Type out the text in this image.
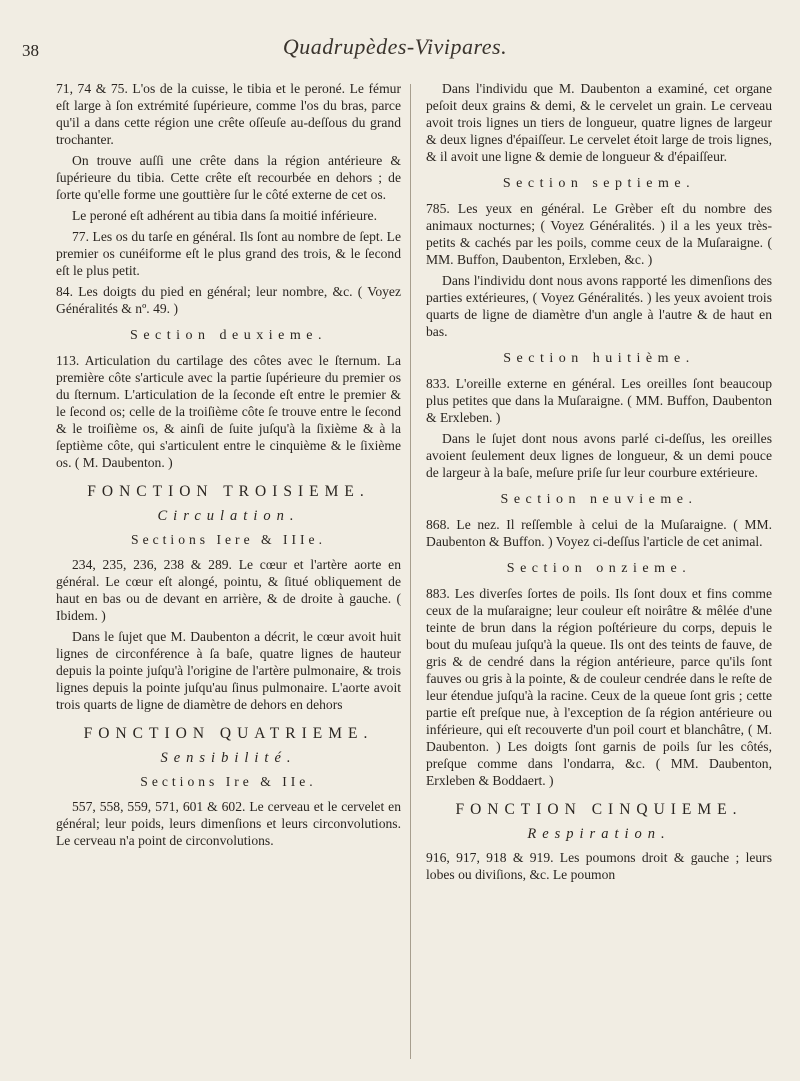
38	Quadrupèdes-Vivipares.

71, 74 & 75. L'os de la cuisse, le tibia et le peroné. Le fémur eſt large à ſon extrémité ſupérieure, comme l'os du bras, parce qu'il a dans cette région une crête oſſeuſe au-deſſous du grand trochanter.

On trouve auſſi une crête dans la région antérieure & ſupérieure du tibia. Cette crête eſt recourbée en dehors ; de ſorte qu'elle forme une gouttière ſur le côté externe de cet os.

Le peroné eſt adhérent au tibia dans ſa moitié inférieure.

77. Les os du tarſe en général. Ils ſont au nombre de ſept. Le premier os cunéiforme eſt le plus grand des trois, & le ſecond eſt le plus petit.

84. Les doigts du pied en général; leur nombre, &c. ( Voyez Généralités & nº. 49. )

Section deuxieme.

113. Articulation du cartilage des côtes avec le ſternum. La première côte s'articule avec la partie ſupérieure du premier os du ſternum. L'articulation de la ſeconde eſt entre le premier & le ſecond os; celle de la troiſième côte ſe trouve entre le ſecond & le troiſième os, & ainſi de ſuite juſqu'à la ſixième & à la ſeptième côte, qui s'articulent entre le cinquième & le ſixième os. ( M. Daubenton. )

FONCTION TROISIEME.
Circulation.
Sections Iere & IIIe.

234, 235, 236, 238 & 289. Le cœur et l'artère aorte en général. Le cœur eſt alongé, pointu, & ſitué obliquement de haut en bas ou de devant en arrière, & de droite à gauche. ( Ibidem. )

Dans le ſujet que M. Daubenton a décrit, le cœur avoit huit lignes de circonférence à ſa baſe, quatre lignes de hauteur depuis la pointe juſqu'à l'origine de l'artère pulmonaire, & trois lignes depuis la pointe juſqu'au ſinus pulmonaire. L'aorte avoit trois quarts de ligne de diamètre de dehors en dehors

FONCTION QUATRIEME.
Sensibilité.
Sections Ire & IIe.

557, 558, 559, 571, 601 & 602. Le cerveau et le cervelet en général; leur poids, leurs dimenſions et leurs circonvolutions. Le cerveau n'a point de circonvolutions.

Dans l'individu que M. Daubenton a examiné, cet organe peſoit deux grains & demi, & le cervelet un grain. Le cerveau avoit trois lignes un tiers de longueur, quatre lignes de largeur & deux lignes d'épaiſſeur. Le cervelet étoit large de trois lignes, & il avoit une ligne & demie de longueur & d'épaiſſeur.

Section septieme.

785. Les yeux en général. Le Grèber eſt du nombre des animaux nocturnes; ( Voyez Généralités. ) il a les yeux très-petits & cachés par les poils, comme ceux de la Muſaraigne. ( MM. Buffon, Daubenton, Erxleben, &c. )

Dans l'individu dont nous avons rapporté les dimenſions des parties extérieures, ( Voyez Généralités. ) les yeux avoient trois quarts de ligne de diamètre d'un angle à l'autre & de haut en bas.

Section huitième.

833. L'oreille externe en général. Les oreilles ſont beaucoup plus petites que dans la Muſaraigne. ( MM. Buffon, Daubenton & Erxleben. )

Dans le ſujet dont nous avons parlé ci-deſſus, les oreilles avoient ſeulement deux lignes de longueur, & un demi pouce de largeur à la baſe, meſure priſe ſur leur courbure extérieure.

Section neuvieme.

868. Le nez. Il reſſemble à celui de la Muſaraigne. ( MM. Daubenton & Buffon. ) Voyez ci-deſſus l'article de cet animal.

Section onzieme.

883. Les diverſes ſortes de poils. Ils ſont doux et fins comme ceux de la muſaraigne; leur couleur eſt noirâtre & mêlée d'une teinte de brun dans la région poſtérieure du corps, depuis le bout du muſeau juſqu'à la queue. Ils ont des teints de fauve, de gris & de cendré dans la région antérieure, parce qu'ils ſont fauves ou gris à la pointe, & de couleur cendrée dans le reſte de leur étendue juſqu'à la racine. Ceux de la queue ſont gris ; cette partie eſt preſque nue, à l'exception de ſa région antérieure ou inférieure, qui eſt recouverte d'un poil court et blanchâtre, ( M. Daubenton. ) Les doigts ſont garnis de poils ſur les côtés, preſque comme dans l'ondarra, &c. ( MM. Daubenton, Erxleben & Boddaert. )

FONCTION CINQUIEME.
Respiration.

916, 917, 918 & 919. Les poumons droit & gauche ; leurs lobes ou diviſions, &c. Le poumon
